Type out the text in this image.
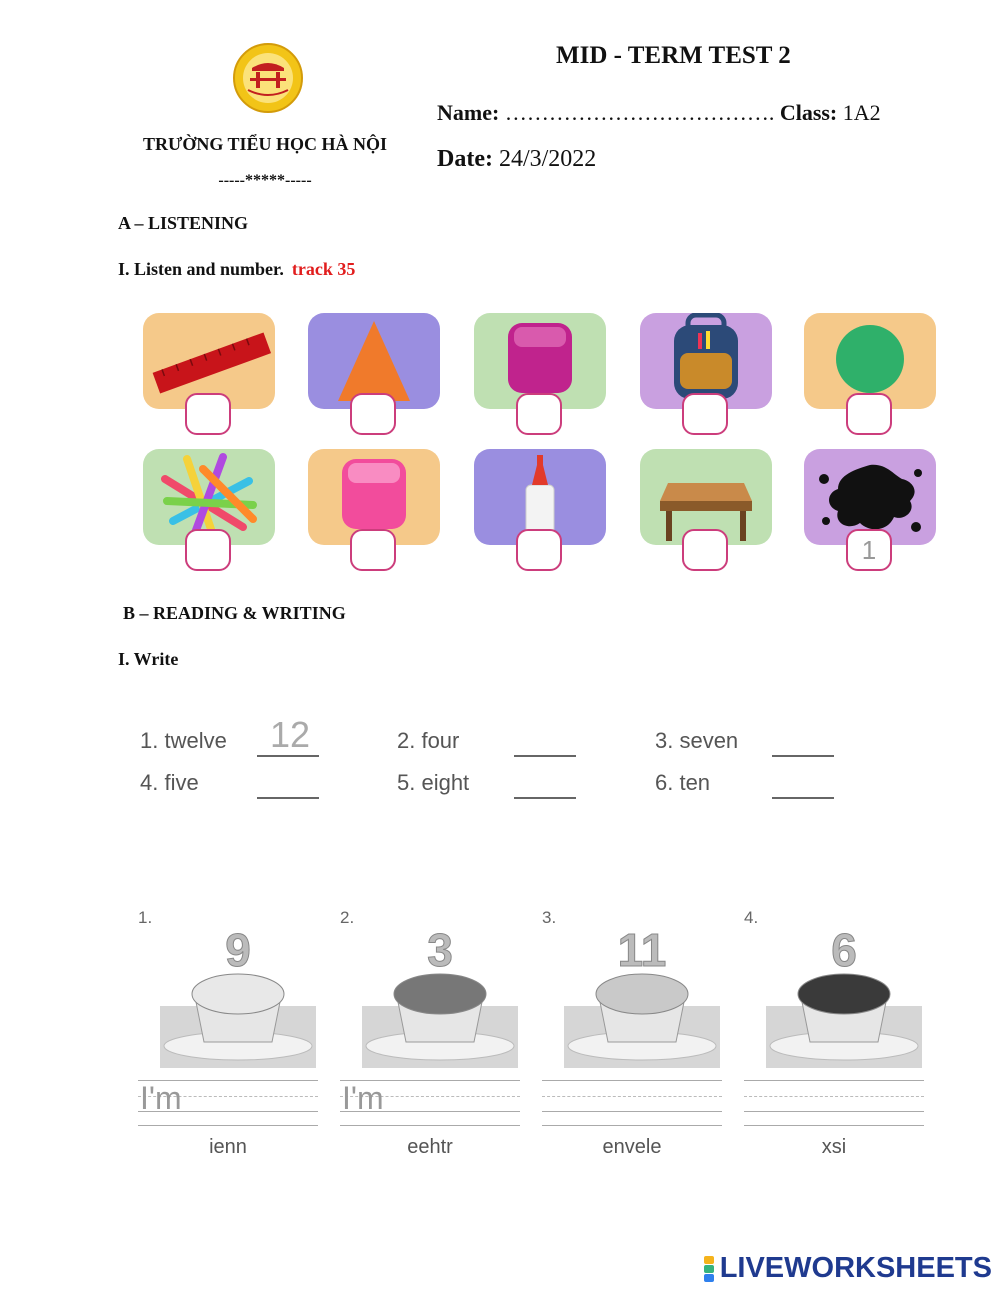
TRƯỜNG TIỂU HỌC HÀ NỘI
-----*****-----
MID - TERM TEST 2
Name: ………………………………. Class: 1A2
Date: 24/3/2022
A – LISTENING
I. Listen and number. track 35
1
B – READING & WRITING
I. Write
1. twelve 12	2. four	3. seven
4. five	5. eight	6. ten
1.
9
I'm
ienn
2.
3
I'm
eehtr
3.
11
envele
4.
6
xsi
LIVEWORKSHEETS
